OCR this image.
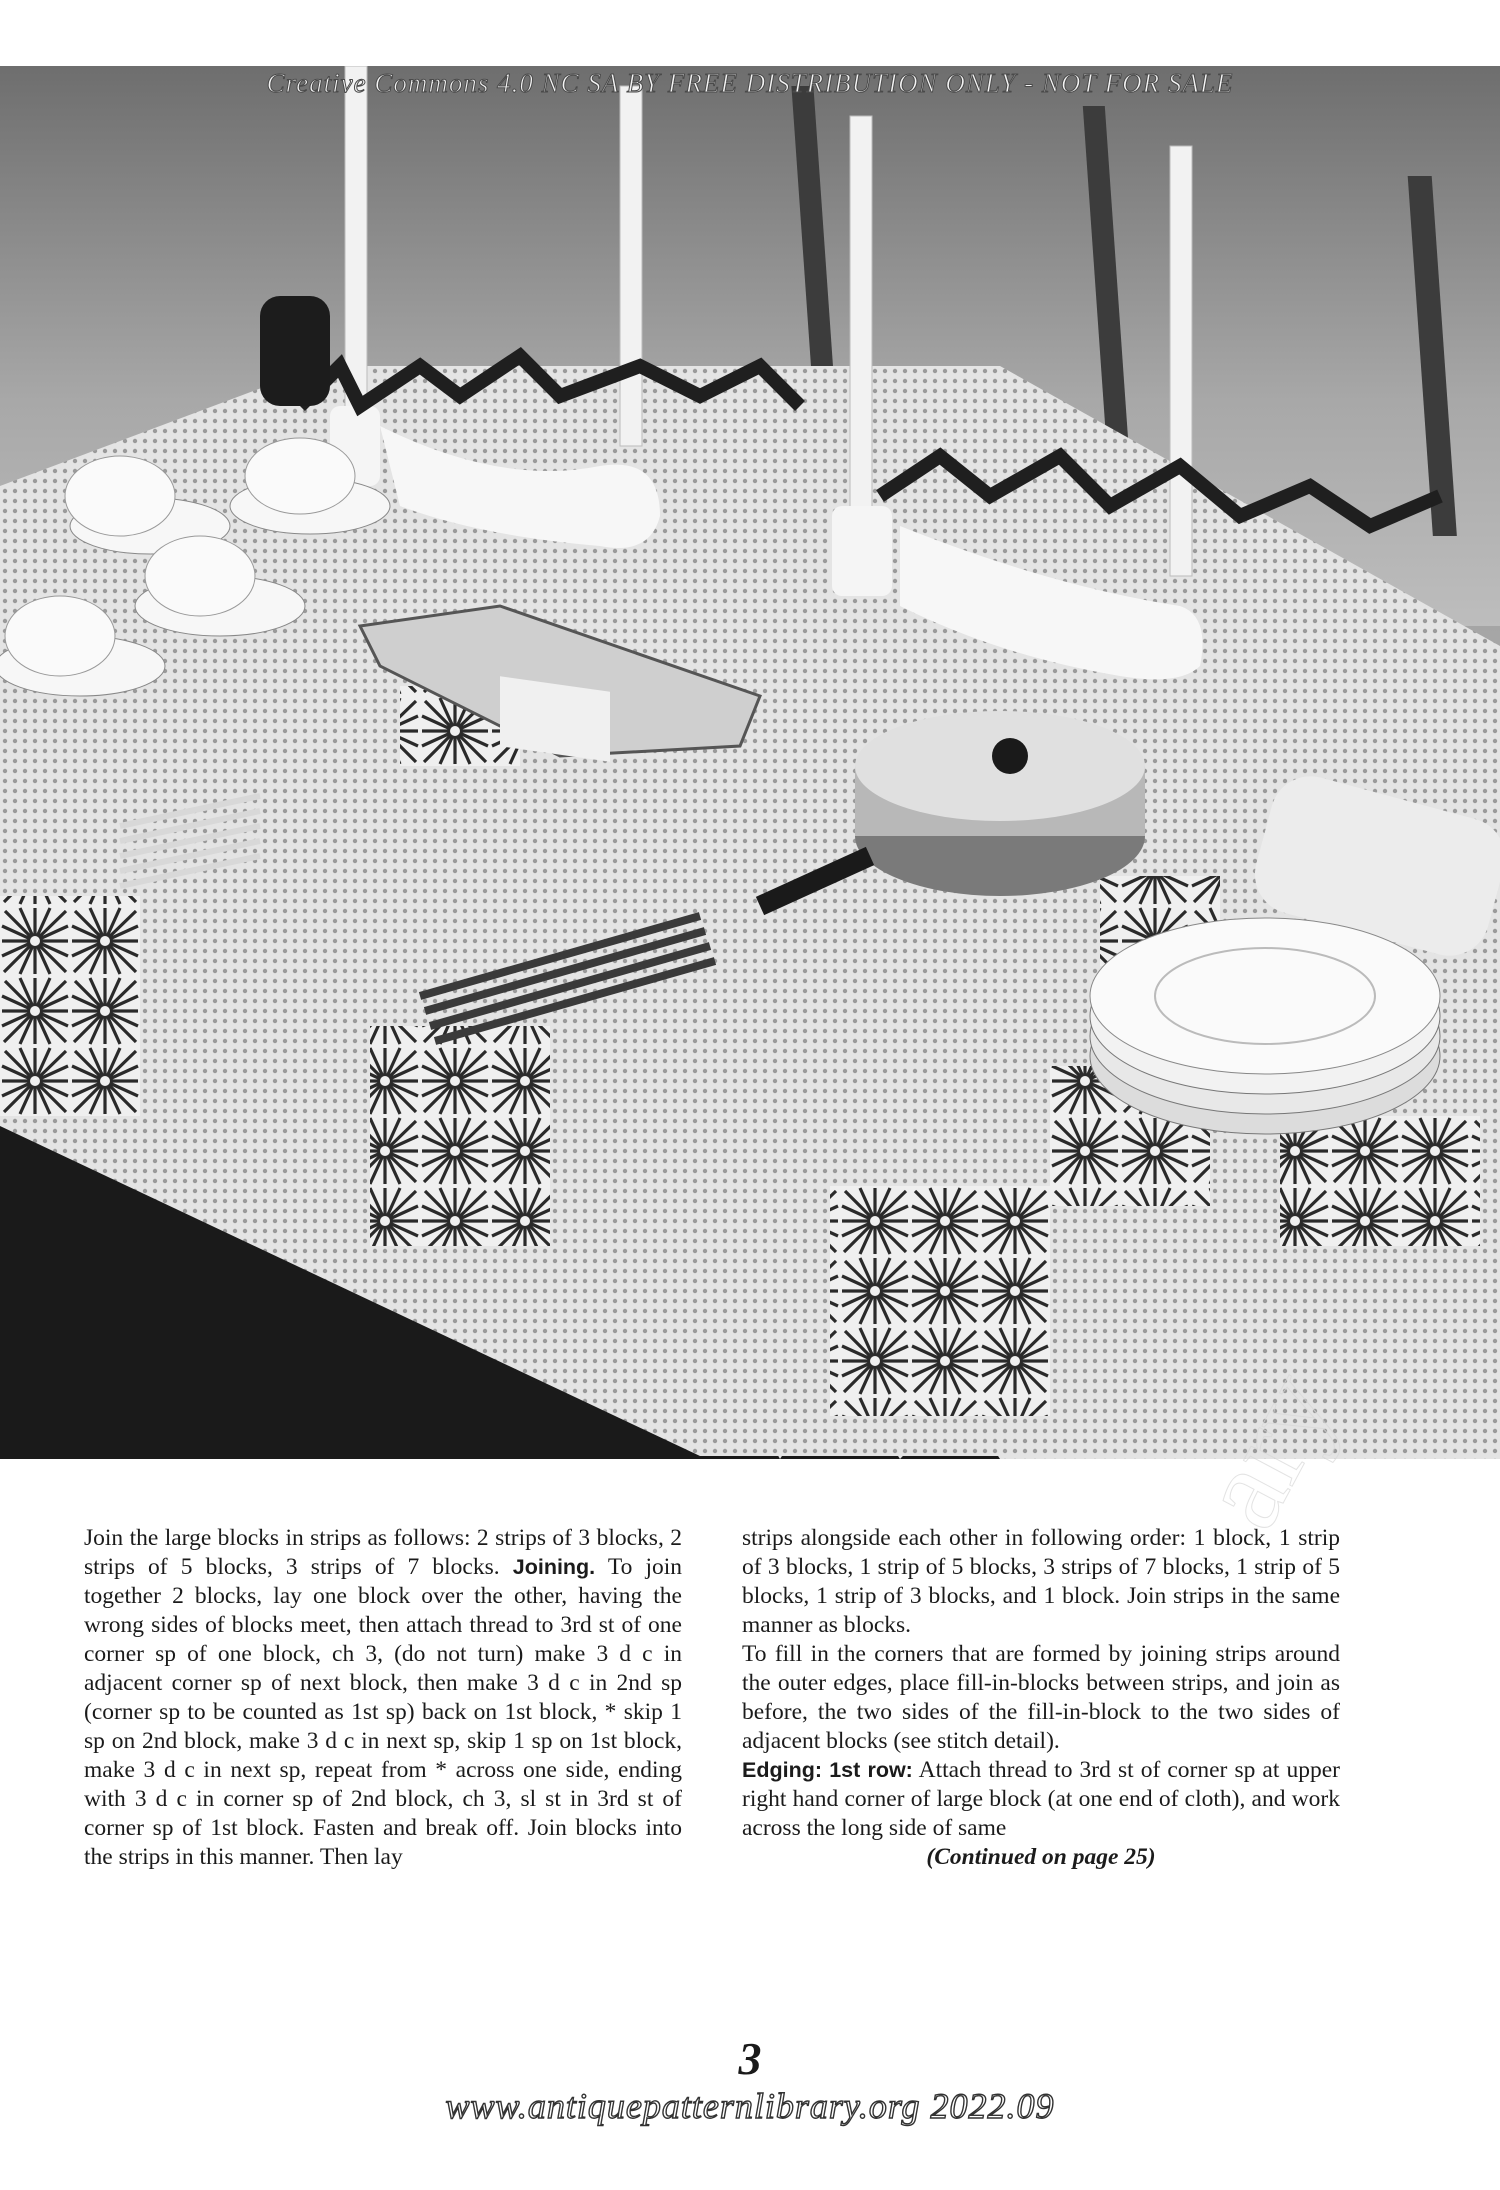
Creative Commons 4.0 NC SA BY FREE DISTRIBUTION ONLY - NOT FOR SALE
ary

Join the large blocks in strips as follows: 2 strips of 3 blocks, 2 strips of 5 blocks, 3 strips of 7 blocks. Joining. To join together 2 blocks, lay one block over the other, having the wrong sides of blocks meet, then attach thread to 3rd st of one corner sp of one block, ch 3, (do not turn) make 3 d c in adjacent corner sp of next block, then make 3 d c in 2nd sp (corner sp to be counted as 1st sp) back on 1st block, * skip 1 sp on 2nd block, make 3 d c in next sp, skip 1 sp on 1st block, make 3 d c in next sp, repeat from * across one side, ending with 3 d c in corner sp of 2nd block, ch 3, sl st in 3rd st of corner sp of 1st block. Fasten and break off. Join blocks into the strips in this manner. Then lay

strips alongside each other in following order: 1 block, 1 strip of 3 blocks, 1 strip of 5 blocks, 3 strips of 7 blocks, 1 strip of 5 blocks, 1 strip of 3 blocks, and 1 block. Join strips in the same manner as blocks.

To fill in the corners that are formed by joining strips around the outer edges, place fill-in-blocks between strips, and join as before, the two sides of the fill-in-block to the two sides of adjacent blocks (see stitch detail).

Edging: 1st row: Attach thread to 3rd st of corner sp at upper right hand corner of large block (at one end of cloth), and work across the long side of same

(Continued on page 25)

3
www.antiquepatternlibrary.org 2022.09
